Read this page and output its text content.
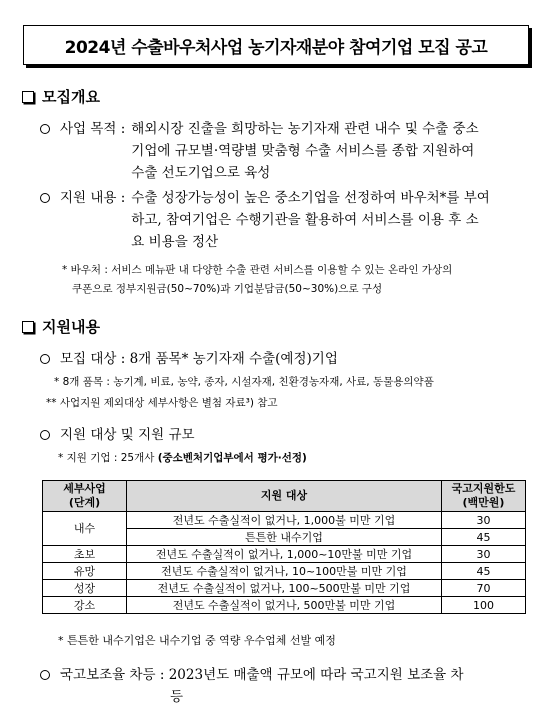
2024년 수출바우처사업 농기자재분야 참여기업 모집 공고
모집개요
사업 목적 : 해외시장 진출을 희망하는 농기자재 관련 내수 및 수출 중소
기업에 규모별·역량별 맞춤형 수출 서비스를 종합 지원하여
수출 선도기업으로 육성
지원 내용 : 수출 성장가능성이 높은 중소기업을 선정하여 바우처*를 부여
하고, 참여기업은 수행기관을 활용하여 서비스를 이용 후 소
요 비용을 정산
* 바우처 : 서비스 메뉴판 내 다양한 수출 관련 서비스를 이용할 수 있는 온라인 가상의
쿠폰으로 정부지원금(50~70%)과 기업분담금(50~30%)으로 구성
지원내용
모집 대상 : 8개 품목* 농기자재 수출(예정)기업
* 8개 품목 : 농기계, 비료, 농약, 종자, 시설자재, 친환경농자재, 사료, 동물용의약품
** 사업지원 제외대상 세부사항은 별첨 자료³) 참고
지원 대상 및 지원 규모
* 지원 기업 : 25개사 (중소벤처기업부에서 평가·선정)
세부사업
(단계)	지원 대상	국고지원한도
(백만원)
내수	전년도 수출실적이 없거나, 1,000불 미만 기업	30
	튼튼한 내수기업	45
초보	전년도 수출실적이 없거나, 1,000~10만불 미만 기업	30
유망	전년도 수출실적이 없거나, 10~100만불 미만 기업	45
성장	전년도 수출실적이 없거나, 100~500만불 미만 기업	70
강소	전년도 수출실적이 없거나, 500만불 미만 기업	100
* 튼튼한 내수기업은 내수기업 중 역량 우수업체 선발 예정
국고보조율 차등 : 2023년도 매출액 규모에 따라 국고지원 보조율 차
등
